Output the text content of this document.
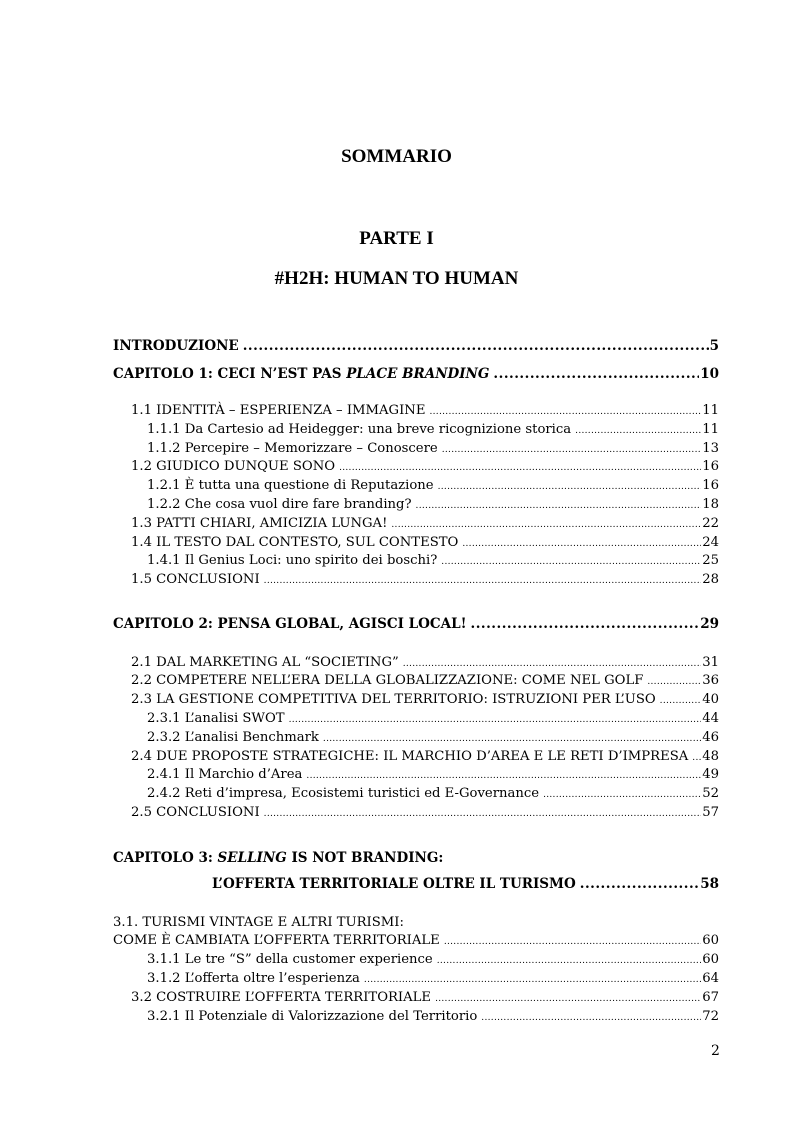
SOMMARIO
PARTE I
#H2H: HUMAN TO HUMAN
INTRODUZIONE .....	5
CAPITOLO 1: CECI N’EST PAS PLACE BRANDING .....	10
1.1 IDENTITÀ – ESPERIENZA – IMMAGINE .....	11
1.1.1 Da Cartesio ad Heidegger: una breve ricognizione storica .....	11
1.1.2 Percepire – Memorizzare – Conoscere .....	13
1.2 GIUDICO DUNQUE SONO .....	16
1.2.1 È tutta una questione di Reputazione .....	16
1.2.2 Che cosa vuol dire fare branding? .....	18
1.3 PATTI CHIARI, AMICIZIA LUNGA! .....	22
1.4 IL TESTO DAL CONTESTO, SUL CONTESTO .....	24
1.4.1 Il Genius Loci: uno spirito dei boschi? .....	25
1.5 CONCLUSIONI .....	28
CAPITOLO 2: PENSA GLOBAL, AGISCI LOCAL! .....	29
2.1 DAL MARKETING AL “SOCIETING” .....	31
2.2 COMPETERE NELL’ERA DELLA GLOBALIZZAZIONE: COME NEL GOLF .....	36
2.3 LA GESTIONE COMPETITIVA DEL TERRITORIO: ISTRUZIONI PER L’USO .....	40
2.3.1 L’analisi SWOT .....	44
2.3.2 L’analisi Benchmark .....	46
2.4 DUE PROPOSTE STRATEGICHE: IL MARCHIO D’AREA E LE RETI D’IMPRESA ..... 48
2.4.1 Il Marchio d’Area .....	49
2.4.2 Reti d’impresa, Ecosistemi turistici ed E-Governance .....	52
2.5 CONCLUSIONI .....	57
CAPITOLO 3: SELLING IS NOT BRANDING:
L’OFFERTA TERRITORIALE OLTRE IL TURISMO .....	58
3.1. TURISMI VINTAGE E ALTRI TURISMI:
COME È CAMBIATA L’OFFERTA TERRITORIALE .....	60
3.1.1 Le tre “S” della customer experience .....	60
3.1.2 L’offerta oltre l’esperienza .....	64
3.2 COSTRUIRE L’OFFERTA TERRITORIALE .....	67
3.2.1 Il Potenziale di Valorizzazione del Territorio .....	72
2
